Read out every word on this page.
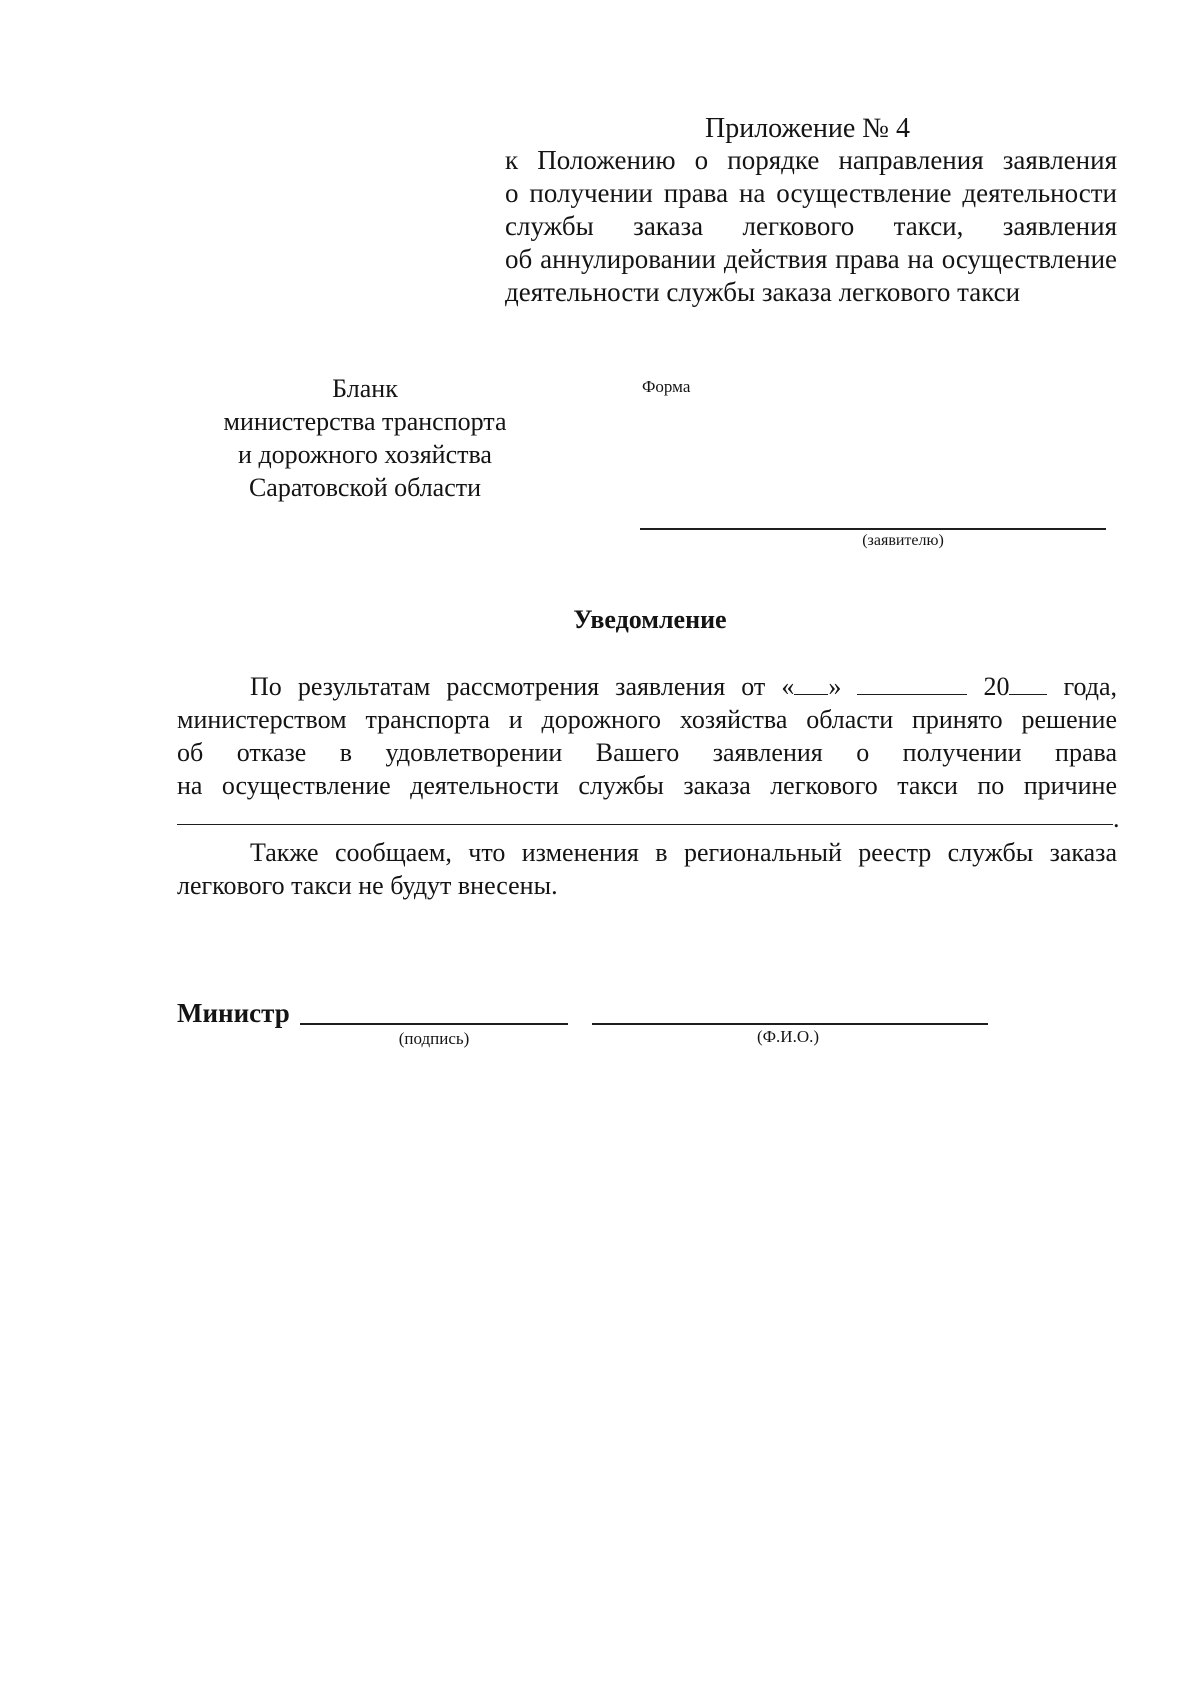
Приложение № 4
к Положению о порядке направления заявления
о получении права на осуществление деятельности
службы заказа легкового такси, заявления
об аннулировании действия права на осуществление
деятельности службы заказа легкового такси
Бланк
министерства транспорта
и дорожного хозяйства
Саратовской области
Форма
(заявителю)
Уведомление
По результатам рассмотрения заявления от « »	20 года,
министерством транспорта и дорожного хозяйства области принято решение
об отказе в удовлетворении Вашего заявления о получении права
на осуществление деятельности службы заказа легкового такси по причине
.
Также сообщаем, что изменения в региональный реестр службы заказа
легкового такси не будут внесены.
Министр
(подпись)	(Ф.И.О.)
